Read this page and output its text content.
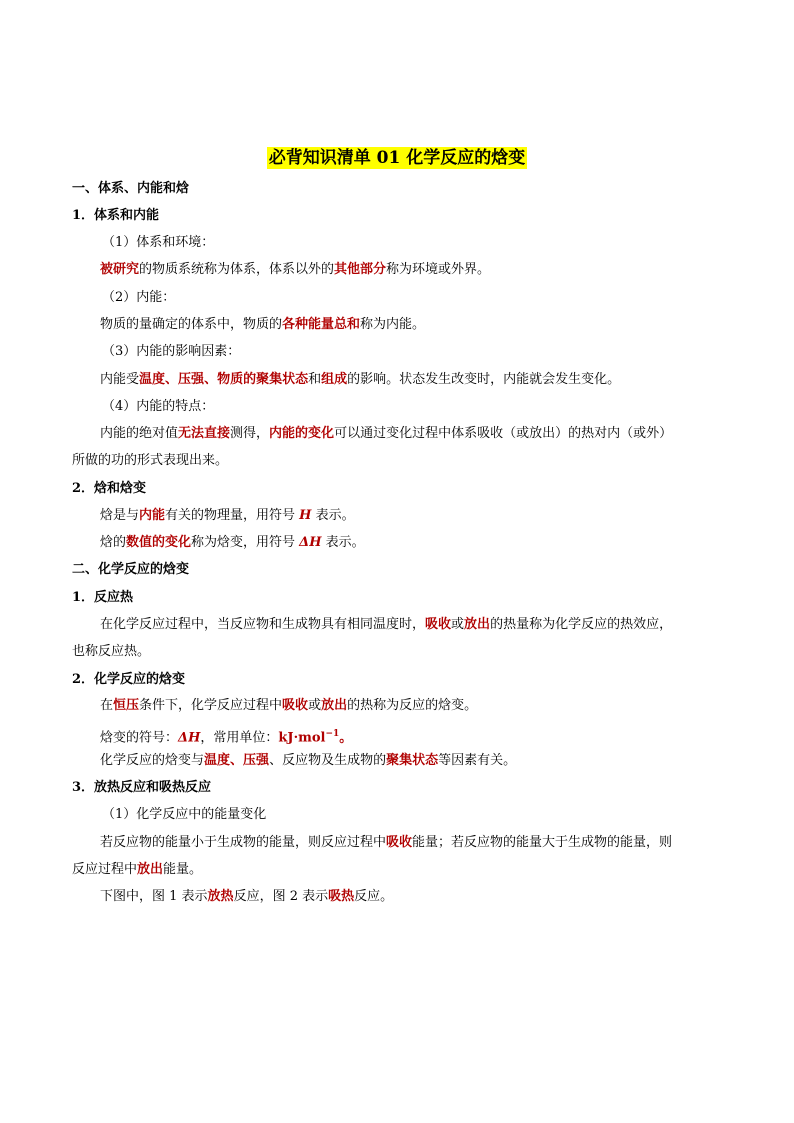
必背知识清单 01 化学反应的焓变
一、体系、内能和焓
1．体系和内能
（1）体系和环境：
被研究的物质系统称为体系，体系以外的其他部分称为环境或外界。
（2）内能：
物质的量确定的体系中，物质的各种能量总和称为内能。
（3）内能的影响因素：
内能受温度、压强、物质的聚集状态和组成的影响。状态发生改变时，内能就会发生变化。
（4）内能的特点：
内能的绝对值无法直接测得，内能的变化可以通过变化过程中体系吸收（或放出）的热对内（或外）
所做的功的形式表现出来。
2．焓和焓变
焓是与内能有关的物理量，用符号 H 表示。
焓的数值的变化称为焓变，用符号 ΔH 表示。
二、化学反应的焓变
1．反应热
在化学反应过程中，当反应物和生成物具有相同温度时，吸收或放出的热量称为化学反应的热效应，
也称反应热。
2．化学反应的焓变
在恒压条件下，化学反应过程中吸收或放出的热称为反应的焓变。
焓变的符号：ΔH，常用单位：kJ·mol$^{-1}$。
化学反应的焓变与温度、压强、反应物及生成物的聚集状态等因素有关。
3．放热反应和吸热反应
（1）化学反应中的能量变化
若反应物的能量小于生成物的能量，则反应过程中吸收能量；若反应物的能量大于生成物的能量，则
反应过程中放出能量。
下图中，图 1 表示放热反应，图 2 表示吸热反应。
